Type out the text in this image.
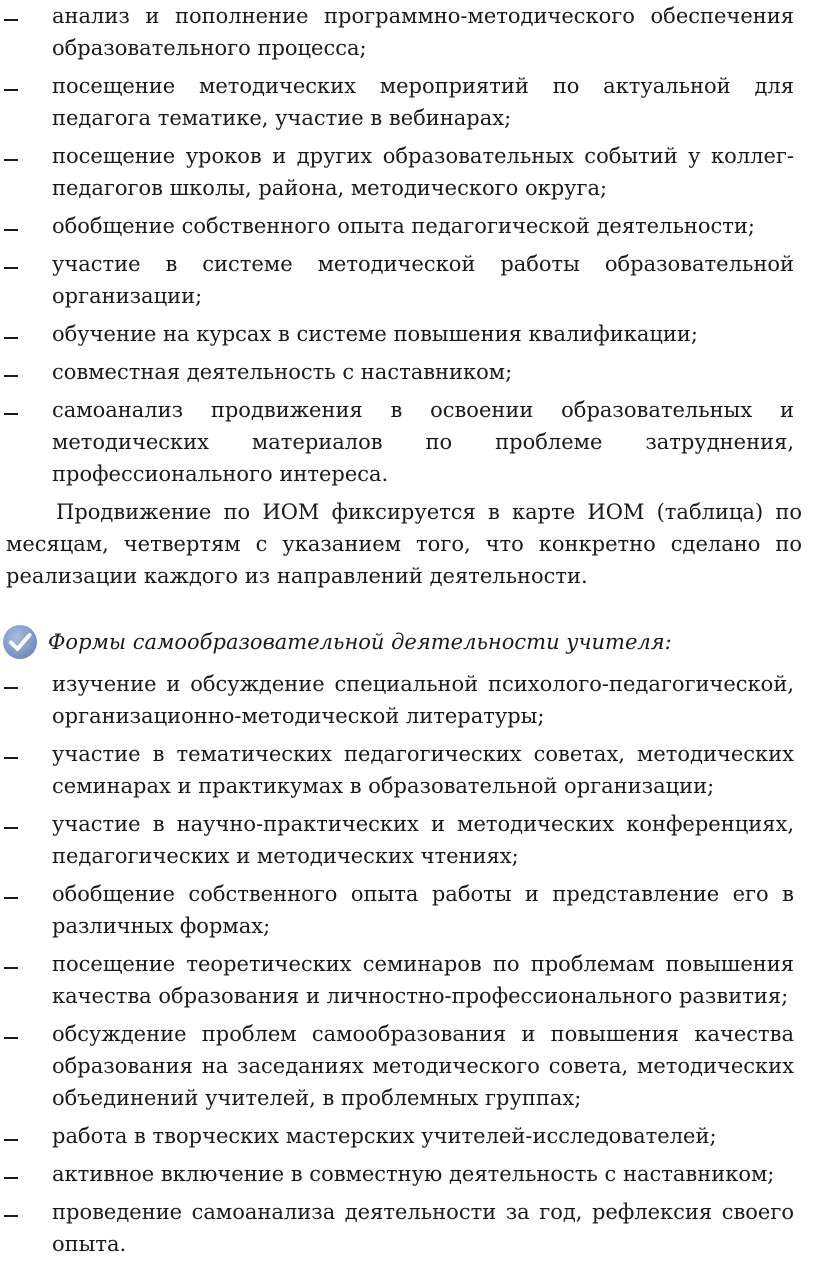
анализ и пополнение программно-методического обеспечения образовательного процесса;
посещение методических мероприятий по актуальной для педагога тематике, участие в вебинарах;
посещение уроков и других образовательных событий у коллег-педагогов школы, района, методического округа;
обобщение собственного опыта педагогической деятельности;
участие в системе методической работы образовательной организации;
обучение на курсах в системе повышения квалификации;
совместная деятельность с наставником;
самоанализ продвижения в освоении образовательных и методических материалов по проблеме затруднения, профессионального интереса.

Продвижение по ИОМ фиксируется в карте ИОМ (таблица) по месяцам, четвертям с указанием того, что конкретно сделано по реализации каждого из направлений деятельности.

Формы самообразовательной деятельности учителя:
изучение и обсуждение специальной психолого-педагогической, организационно-методической литературы;
участие в тематических педагогических советах, методических семинарах и практикумах в образовательной организации;
участие в научно-практических и методических конференциях, педагогических и методических чтениях;
обобщение собственного опыта работы и представление его в различных формах;
посещение теоретических семинаров по проблемам повышения качества образования и личностно-профессионального развития;
обсуждение проблем самообразования и повышения качества образования на заседаниях методического совета, методических объединений учителей, в проблемных группах;
работа в творческих мастерских учителей-исследователей;
активное включение в совместную деятельность с наставником;
проведение самоанализа деятельности за год, рефлексия своего опыта.
